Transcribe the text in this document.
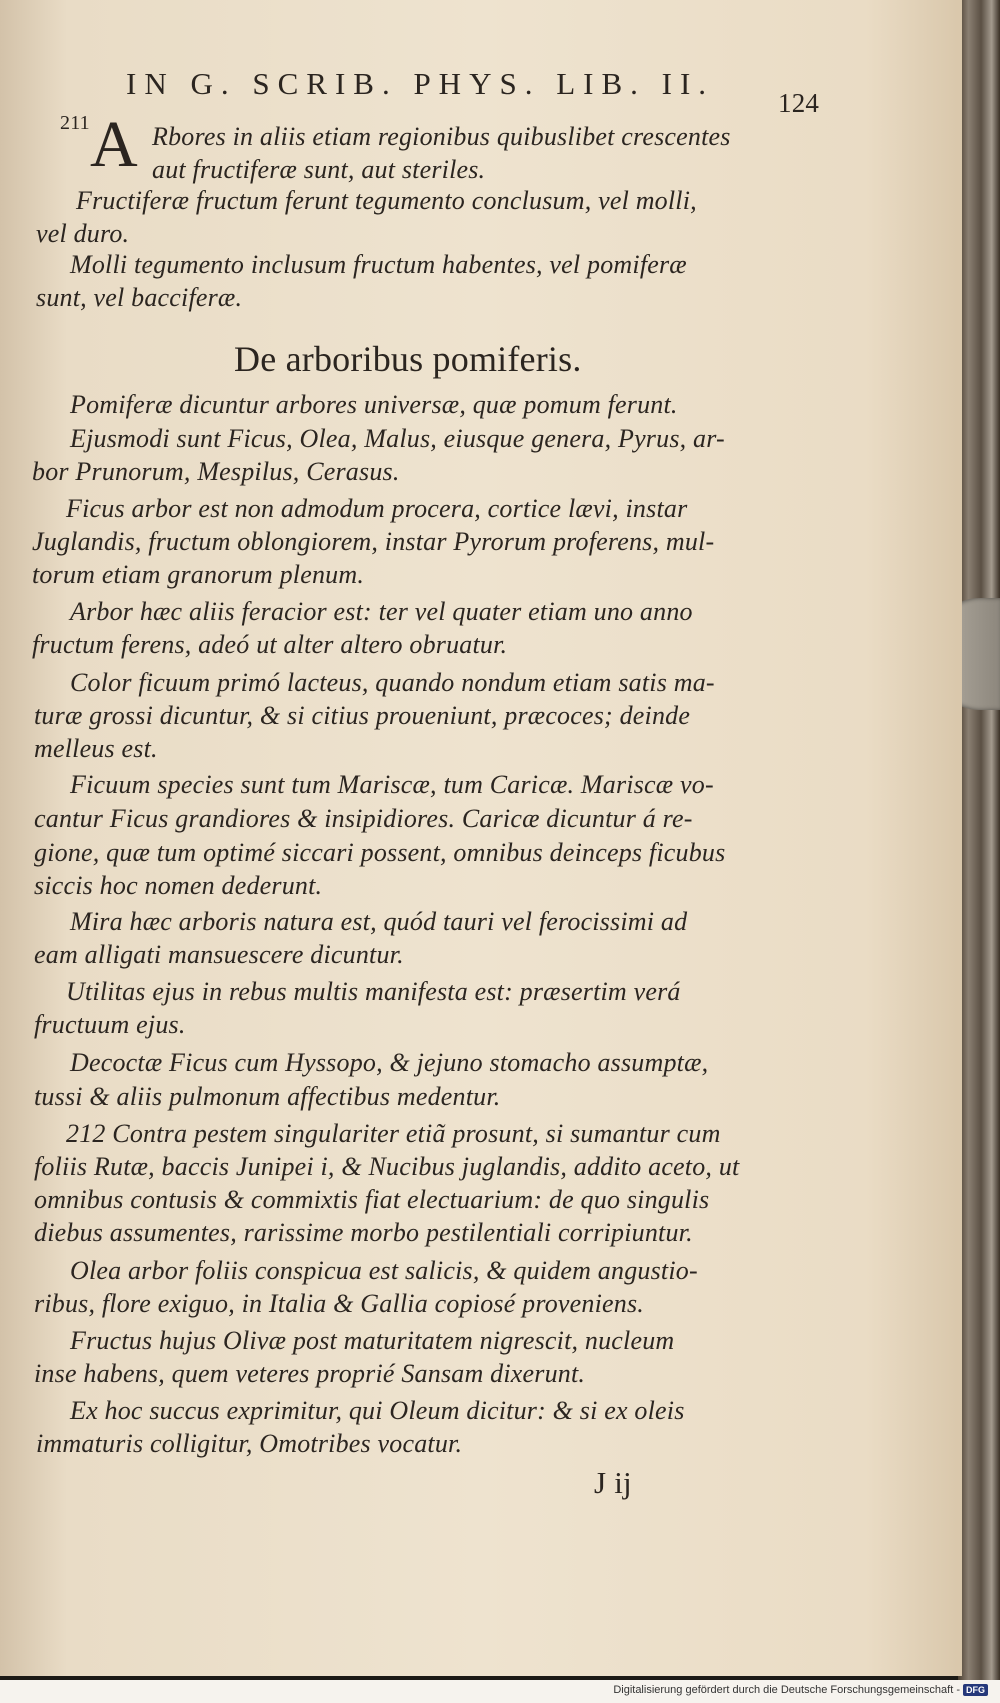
IN G. SCRIB. PHYS. LIB. II.
124
211 A Rbores in aliis etiam regionibus quibuslibet crescentes
aut fructiferæ sunt, aut steriles.
Fructiferæ fructum ferunt tegumento conclusum, vel molli,
vel duro.
Molli tegumento inclusum fructum habentes, vel pomiferæ
sunt, vel bacciferæ.
De arboribus pomiferis.
Pomiferæ dicuntur arbores universæ, quæ pomum ferunt.
Ejusmodi sunt Ficus, Olea, Malus, eiusque genera, Pyrus, ar-
bor Prunorum, Mespilus, Cerasus.
Ficus arbor est non admodum procera, cortice lævi, instar
Juglandis, fructum oblongiorem, instar Pyrorum proferens, mul-
torum etiam granorum plenum.
Arbor hæc aliis feracior est: ter vel quater etiam uno anno
fructum ferens, adeó ut alter altero obruatur.
Color ficuum primó lacteus, quando nondum etiam satis ma-
turæ grossi dicuntur, & si citius proueniunt, præcoces; deinde
melleus est.
Ficuum species sunt tum Mariscæ, tum Caricæ. Mariscæ vo-
cantur Ficus grandiores & insipidiores. Caricæ dicuntur á re-
gione, quæ tum optimé siccari possent, omnibus deinceps ficubus
siccis hoc nomen dederunt.
Mira hæc arboris natura est, quód tauri vel ferocissimi ad
eam alligati mansuescere dicuntur.
Utilitas ejus in rebus multis manifesta est: præsertim verá
fructuum ejus.
Decoctæ Ficus cum Hyssopo, & jejuno stomacho assumptæ,
tussi & aliis pulmonum affectibus medentur.
212 Contra pestem singulariter etiã prosunt, si sumantur cum
foliis Rutæ, baccis Junipei i, & Nucibus juglandis, addito aceto, ut
omnibus contusis & commixtis fiat electuarium: de quo singulis
diebus assumentes, rarissime morbo pestilentiali corripiuntur.
Olea arbor foliis conspicua est salicis, & quidem angustio-
ribus, flore exiguo, in Italia & Gallia copiosé proveniens.
Fructus hujus Olivæ post maturitatem nigrescit, nucleum
inse habens, quem veteres proprié Sansam dixerunt.
Ex hoc succus exprimitur, qui Oleum dicitur: & si ex oleis
immaturis colligitur, Omotribes vocatur.
J ij
Digitalisierung gefördert durch die Deutsche Forschungsgemeinschaft - DFG
